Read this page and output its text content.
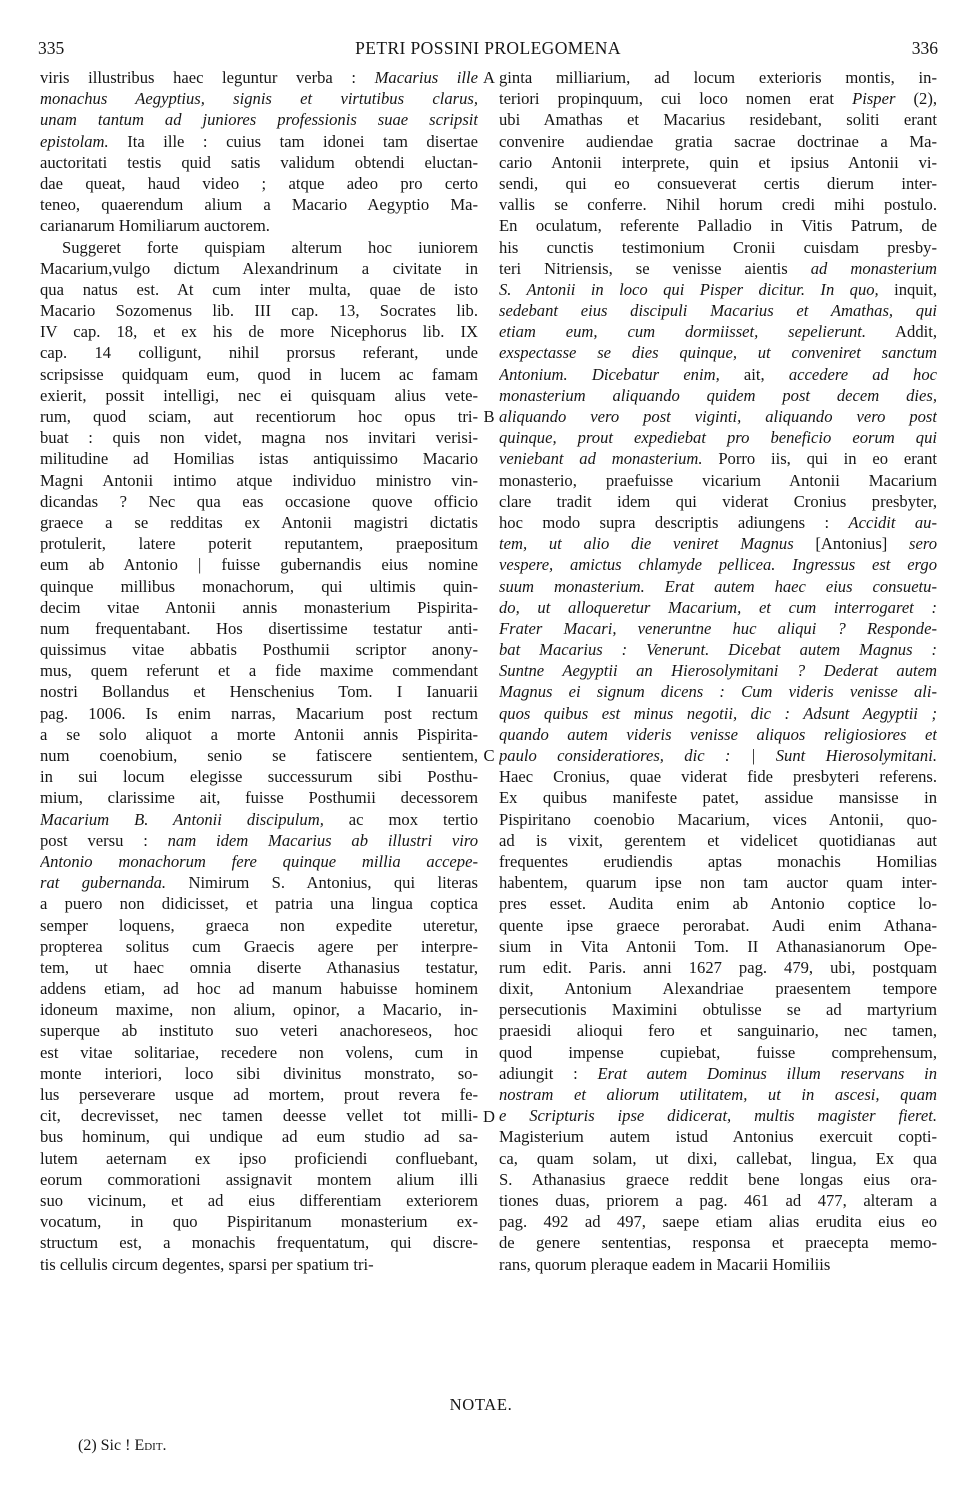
335	PETRI POSSINI PROLEGOMENA	336
viris illustribus haec leguntur verba : Macarius ille
monachus Aegyptius, signis et virtutibus clarus,
unam tantum ad juniores professionis suae scripsit
epistolam. Ita ille : cuius tam idonei tam disertae
auctoritati testis quid satis validum obtendi eluctan-
dae queat, haud video ; atque adeo pro certo
teneo, quaerendum alium a Macario Aegyptio Ma-
carianarum Homiliarum auctorem.
Suggeret forte quispiam alterum hoc iuniorem
Macarium,vulgo dictum Alexandrinum a civitate in
qua natus est. At cum inter multa, quae de isto
Macario Sozomenus lib. III cap. 13, Socrates lib.
IV cap. 18, et ex his de more Nicephorus lib. IX
cap. 14 colligunt, nihil prorsus referant, unde
scripsisse quidquam eum, quod in lucem ac famam
exierit, possit intelligi, nec ei quisquam alius vete-
rum, quod sciam, aut recentiorum hoc opus tri-
buat : quis non videt, magna nos invitari verisi-
militudine ad Homilias istas antiquissimo Macario
Magni Antonii intimo atque individuo ministro vin-
dicandas ? Nec qua eas occasione quove officio
graece a se redditas ex Antonii magistri dictatis
protulerit, latere poterit reputantem, praepositum
eum ab Antonio | fuisse gubernandis eius nomine
quinque millibus monachorum, qui ultimis quin-
decim vitae Antonii annis monasterium Pispirita-
num frequentabant. Hos disertissime testatur anti-
quissimus vitae abbatis Posthumii scriptor anony-
mus, quem referunt et a fide maxime commendant
nostri Bollandus et Henschenius Tom. I Ianuarii
pag. 1006. Is enim narras, Macarium post rectum
a se solo aliquot a morte Antonii annis Pispirita-
num coenobium, senio se fatiscere sentientem,
in sui locum elegisse successurum sibi Posthu-
mium, clarissime ait, fuisse Posthumii decessorem
Macarium B. Antonii discipulum, ac mox tertio
post versu : nam idem Macarius ab illustri viro
Antonio monachorum fere quinque millia accepe-
rat gubernanda. Nimirum S. Antonius, qui literas
a puero non didicisset, et patria una lingua coptica
semper loquens, graeca non expedite uteretur,
propterea solitus cum Graecis agere per interpre-
tem, ut haec omnia diserte Athanasius testatur,
addens etiam, ad hoc ad manum habuisse hominem
idoneum maxime, non alium, opinor, a Macario, in-
superque ab instituto suo veteri anachoreseos, hoc
est vitae solitariae, recedere non volens, cum in
monte interiori, loco sibi divinitus monstrato, so-
lus perseverare usque ad mortem, prout revera fe-
cit, decrevisset, nec tamen deesse vellet tot milli-
bus hominum, qui undique ad eum studio ad sa-
lutem aeternam ex ipso proficiendi confluebant,
eorum commorationi assignavit montem alium illi
suo vicinum, et ad eius differentiam exteriorem
vocatum, in quo Pispiritanum monasterium ex-
structum est, a monachis frequentatum, qui discre-
tis cellulis circum degentes, sparsi per spatium tri-
ginta milliarium, ad locum exterioris montis, in-
teriori propinquum, cui loco nomen erat Pisper (2),
ubi Amathas et Macarius residebant, soliti erant
convenire audiendae gratia sacrae doctrinae a Ma-
cario Antonii interprete, quin et ipsius Antonii vi-
sendi, qui eo consueverat certis dierum inter-
vallis se conferre. Nihil horum credi mihi postulo.
En oculatum, referente Palladio in Vitis Patrum, de
his cunctis testimonium Cronii cuisdam presby-
teri Nitriensis, se venisse aientis ad monasterium
S. Antonii in loco qui Pisper dicitur. In quo, inquit,
sedebant eius discipuli Macarius et Amathas, qui
etiam eum, cum dormiisset, sepelierunt. Addit,
exspectasse se dies quinque, ut conveniret sanctum
Antonium. Dicebatur enim, ait, accedere ad hoc
monasterium aliquando quidem post decem dies,
aliquando vero post viginti, aliquando vero post
quinque, prout expediebat pro beneficio eorum qui
veniebant ad monasterium. Porro iis, qui in eo erant
monasterio, praefuisse vicarium Antonii Macarium
clare tradit idem qui viderat Cronius presbyter,
hoc modo supra descriptis adiungens : Accidit au-
tem, ut alio die veniret Magnus [Antonius] sero
vespere, amictus chlamyde pellicea. Ingressus est ergo
suum monasterium. Erat autem haec eius consuetu-
do, ut alloqueretur Macarium, et cum interrogaret :
Frater Macari, veneruntne huc aliqui ? Responde-
bat Macarius : Venerunt. Dicebat autem Magnus :
Suntne Aegyptii an Hierosolymitani ? Dederat autem
Magnus ei signum dicens : Cum videris venisse ali-
quos quibus est minus negotii, dic : Adsunt Aegyptii ;
quando autem videris venisse aliquos religiosiores et
paulo consideratiores, dic : | Sunt Hierosolymitani.
Haec Cronius, quae viderat fide presbyteri referens.
Ex quibus manifeste patet, assidue mansisse in
Pispiritano coenobio Macarium, vices Antonii, quo-
ad is vixit, gerentem et videlicet quotidianas aut
frequentes erudiendis aptas monachis Homilias
habentem, quarum ipse non tam auctor quam inter-
pres esset. Audita enim ab Antonio coptice lo-
quente ipse graece perorabat. Audi enim Athana-
sium in Vita Antonii Tom. II Athanasianorum Ope-
rum edit. Paris. anni 1627 pag. 479, ubi, postquam
dixit, Antonium Alexandriae praesentem tempore
persecutionis Maximini obtulisse se ad martyrium
praesidi alioqui fero et sanguinario, nec tamen,
quod impense cupiebat, fuisse comprehensum,
adiungit : Erat autem Dominus illum reservans in
nostram et aliorum utilitatem, ut in ascesi, quam
e Scripturis ipse didicerat, multis magister fieret.
Magisterium autem istud Antonius exercuit copti-
ca, quam solam, ut dixi, callebat, lingua, Ex qua
S. Athanasius graece reddit bene longas eius ora-
tiones duas, priorem a pag. 461 ad 477, alteram a
pag. 492 ad 497, saepe etiam alias erudita eius eo
de genere sententias, responsa et praecepta memo-
rans, quorum pleraque eadem in Macarii Homiliis
A
B
C
D
NOTAE.
(2) Sic ! Edit.
